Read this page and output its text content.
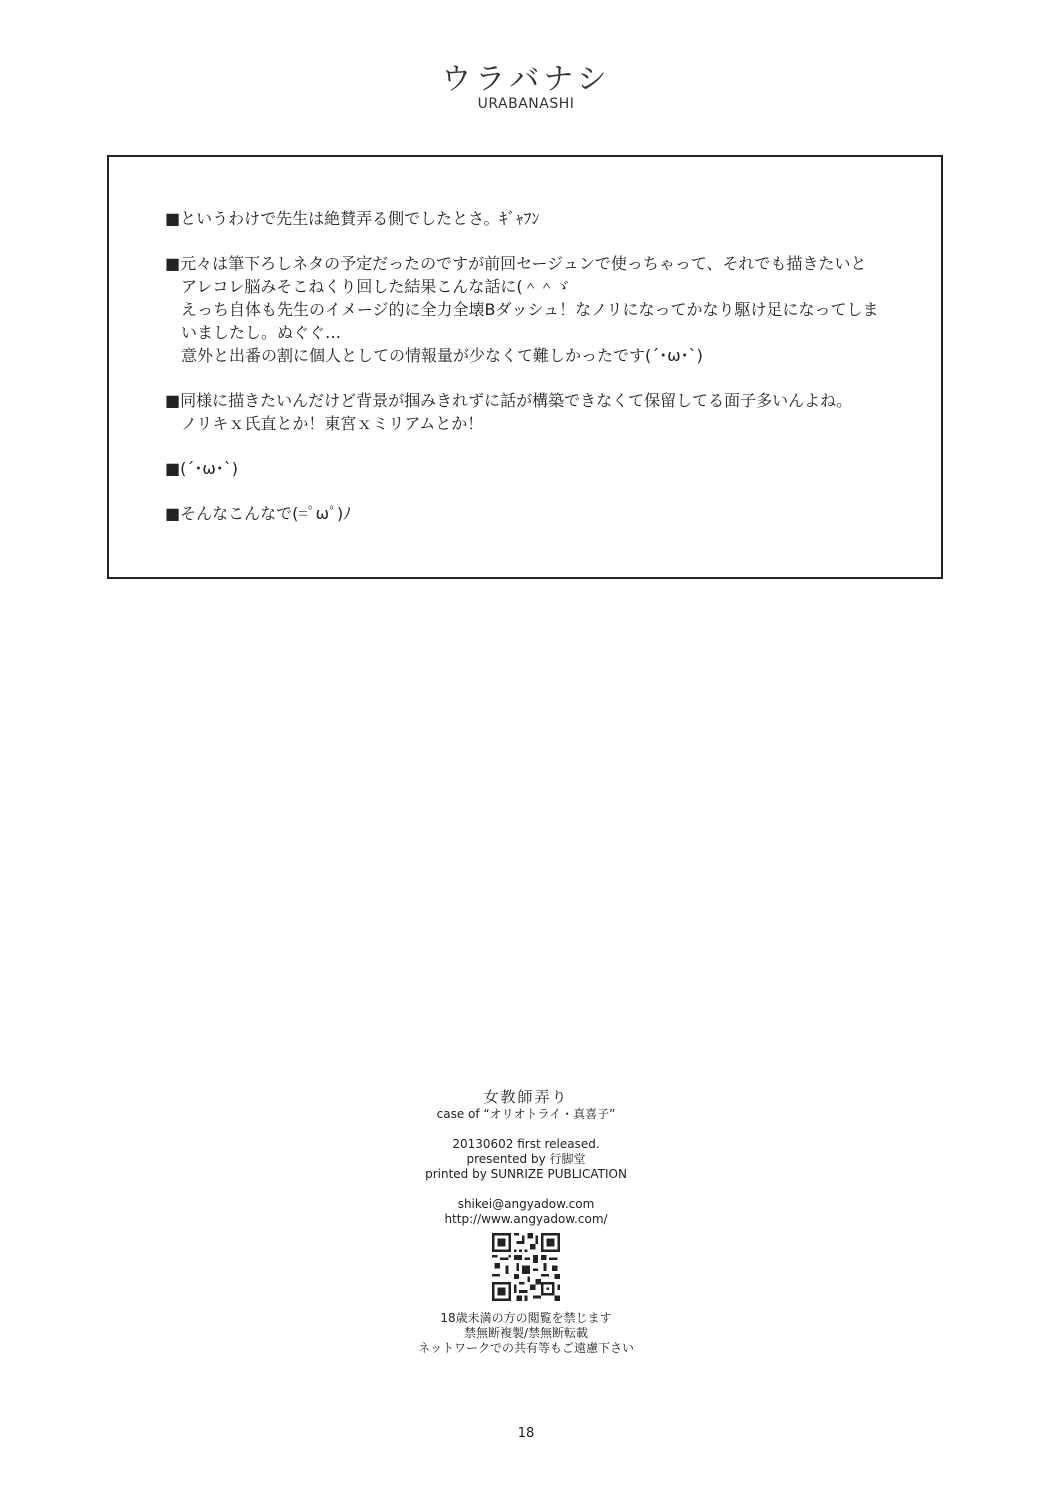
ウラバナシ
URABANASHI
■というわけで先生は絶賛弄る側でしたとさ。ｷﾞｬﾌﾝ
■元々は筆下ろしネタの予定だったのですが前回セージュンで使っちゃって、それでも描きたいと
アレコレ脳みそこねくり回した結果こんな話に(＾＾ゞ
えっち自体も先生のイメージ的に全力全壊Bダッシュ！なノリになってかなり駆け足になってしま
いましたし。ぬぐぐ…
意外と出番の割に個人としての情報量が少なくて難しかったです(´･ω･`)
■同様に描きたいんだけど背景が掴みきれずに話が構築できなくて保留してる面子多いんよね。
ノリキｘ氏直とか！東宮ｘミリアムとか！
■(´･ω･`)
■そんなこんなで(=ﾟωﾟ)ﾉ
女教師弄り
case of “オリオトライ・真喜子”
20130602 first released.
presented by 行脚堂
printed by SUNRIZE PUBLICATION
shikei@angyadow.com
http://www.angyadow.com/
18歳未満の方の閲覧を禁じます
禁無断複製/禁無断転載
ネットワークでの共有等もご遠慮下さい
18
